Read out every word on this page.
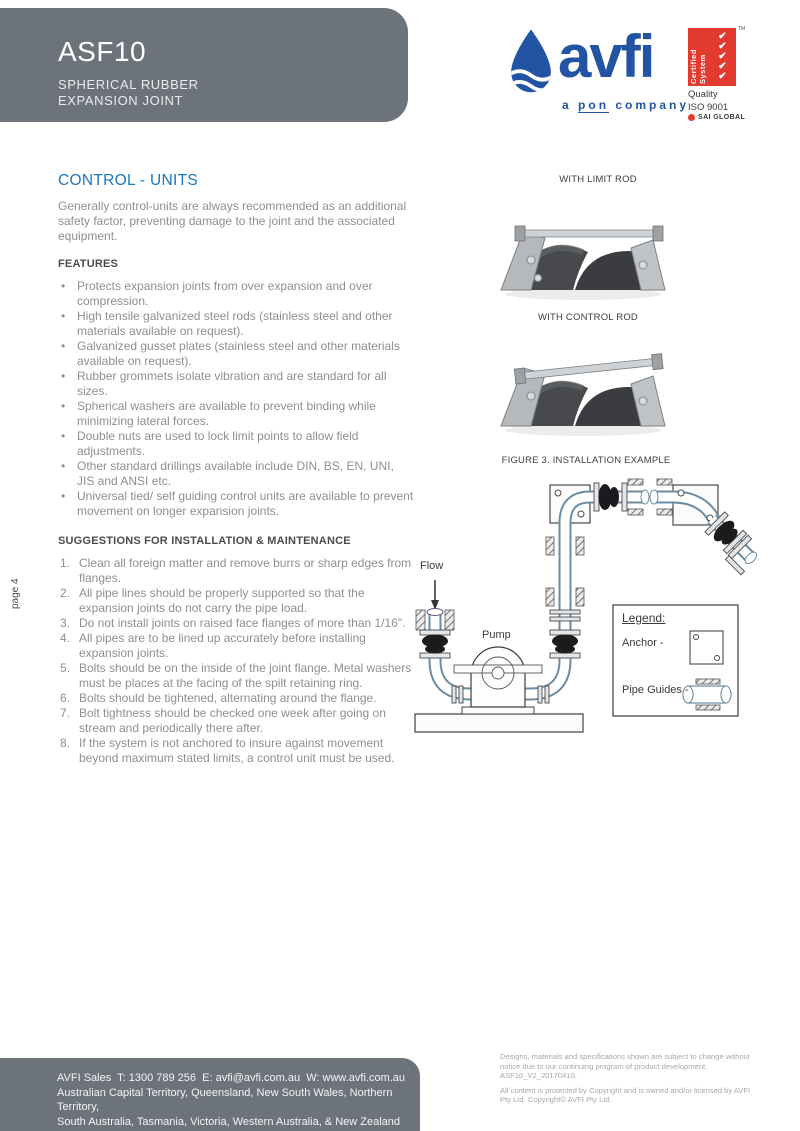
ASF10
SPHERICAL RUBBER
EXPANSION JOINT
avfi
a pon company
Certified System
✔
✔
✔
✔
✔
TM
Quality
ISO 9001
SAI GLOBAL
page 4
CONTROL - UNITS

Generally control-units are always recommended as an additional safety factor, preventing damage to the joint and the associated equipment.

FEATURES
• Protects expansion joints from over expansion and over compression.
• High tensile galvanized steel rods (stainless steel and other materials available on request).
• Galvanized gusset plates (stainless steel and other materials available on request).
• Rubber grommets isolate vibration and are standard for all sizes.
• Spherical washers are available to prevent binding while minimizing lateral forces.
• Double nuts are used to lock limit points to allow field adjustments.
• Other standard drillings available include DIN, BS, EN, UNI, JIS and ANSI etc.
• Universal tied/ self guiding control units are available to prevent movement on longer expansion joints.
SUGGESTIONS FOR INSTALLATION & MAINTENANCE
Clean all foreign matter and remove burrs or sharp edges from flanges.
All pipe lines should be properly supported so that the expansion joints do not carry the pipe load.
Do not install joints on raised face flanges of more than 1/16".
All pipes are to be lined up accurately before installing expansion joints.
Bolts should be on the inside of the joint flange. Metal washers must be places at the facing of the spilt retaining ring.
Bolts should be tightened, alternating around the flange.
Bolt tightness should be checked one week after going on stream and periodically there after.
If the system is not anchored to insure against movement beyond maximum stated limits, a control unit must be used.
WITH LIMIT ROD
WITH CONTROL ROD
FIGURE 3. INSTALLATION EXAMPLE
Flow
Pump
Legend:
Anchor -
Pipe Guides -
AVFI Sales  T: 1300 789 256  E: avfi@avfi.com.au  W: www.avfi.com.au
Australian Capital Territory, Queensland, New South Wales, Northern Territory,
South Australia, Tasmania, Victoria, Western Australia, & New Zealand

Designs, materials and specifications shown are subject to change without notice due to our continuing program of product development. ASF10_V2_20170410.

All content is protected by Copyright and is owned and/or licensed by AVFI Pty Ltd. Copyright© AVFI Pty Ltd.
